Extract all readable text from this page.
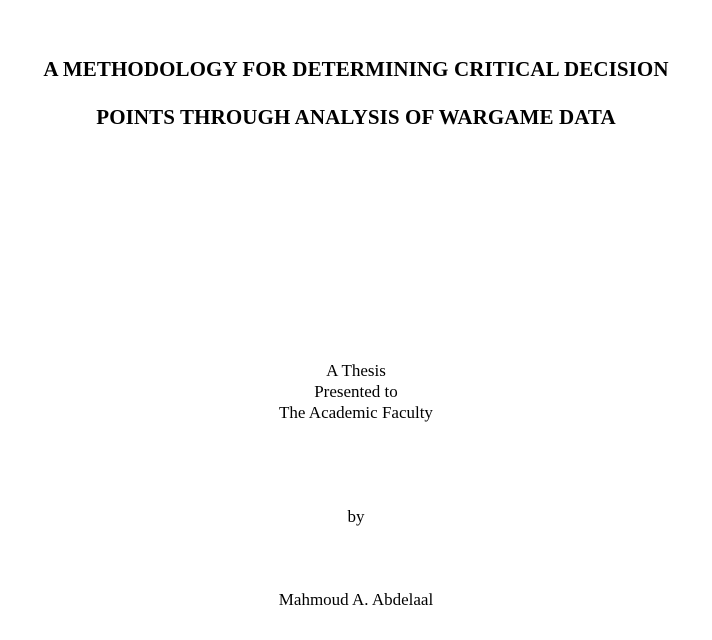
A METHODOLOGY FOR DETERMINING CRITICAL DECISION
POINTS THROUGH ANALYSIS OF WARGAME DATA
A Thesis
Presented to
The Academic Faculty
by
Mahmoud A. Abdelaal
